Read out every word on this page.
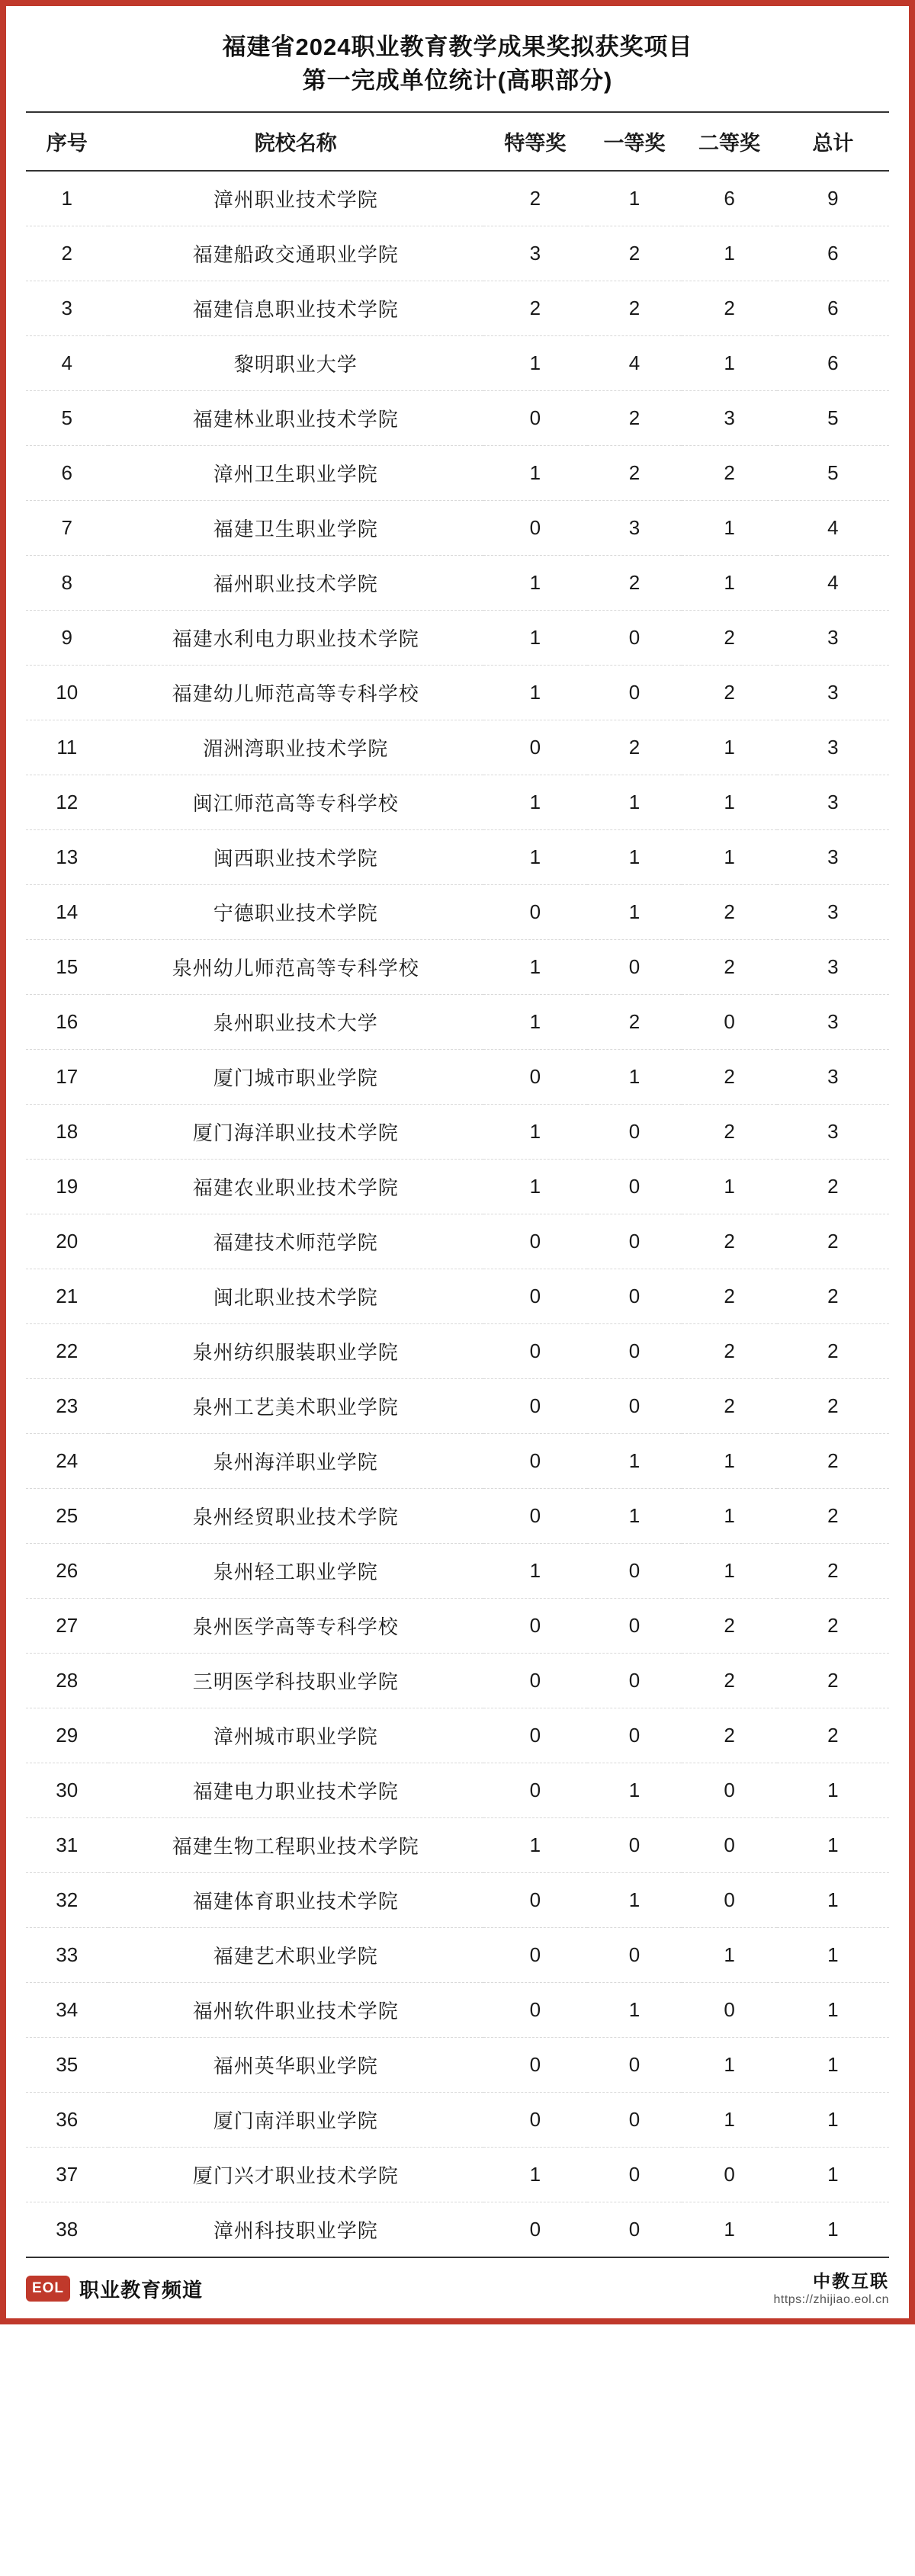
福建省2024职业教育教学成果奖拟获奖项目
第一完成单位统计(高职部分)
序号	院校名称	特等奖	一等奖	二等奖	总计
1	漳州职业技术学院	2	1	6	9
2	福建船政交通职业学院	3	2	1	6
3	福建信息职业技术学院	2	2	2	6
4	黎明职业大学	1	4	1	6
5	福建林业职业技术学院	0	2	3	5
6	漳州卫生职业学院	1	2	2	5
7	福建卫生职业学院	0	3	1	4
8	福州职业技术学院	1	2	1	4
9	福建水利电力职业技术学院	1	0	2	3
10	福建幼儿师范高等专科学校	1	0	2	3
11	湄洲湾职业技术学院	0	2	1	3
12	闽江师范高等专科学校	1	1	1	3
13	闽西职业技术学院	1	1	1	3
14	宁德职业技术学院	0	1	2	3
15	泉州幼儿师范高等专科学校	1	0	2	3
16	泉州职业技术大学	1	2	0	3
17	厦门城市职业学院	0	1	2	3
18	厦门海洋职业技术学院	1	0	2	3
19	福建农业职业技术学院	1	0	1	2
20	福建技术师范学院	0	0	2	2
21	闽北职业技术学院	0	0	2	2
22	泉州纺织服装职业学院	0	0	2	2
23	泉州工艺美术职业学院	0	0	2	2
24	泉州海洋职业学院	0	1	1	2
25	泉州经贸职业技术学院	0	1	1	2
26	泉州轻工职业学院	1	0	1	2
27	泉州医学高等专科学校	0	0	2	2
28	三明医学科技职业学院	0	0	2	2
29	漳州城市职业学院	0	0	2	2
30	福建电力职业技术学院	0	1	0	1
31	福建生物工程职业技术学院	1	0	0	1
32	福建体育职业技术学院	0	1	0	1
33	福建艺术职业学院	0	0	1	1
34	福州软件职业技术学院	0	1	0	1
35	福州英华职业学院	0	0	1	1
36	厦门南洋职业学院	0	0	1	1
37	厦门兴才职业技术学院	1	0	0	1
38	漳州科技职业学院	0	0	1	1
EOL 职业教育频道	中教互联
https://zhijiao.eol.cn
